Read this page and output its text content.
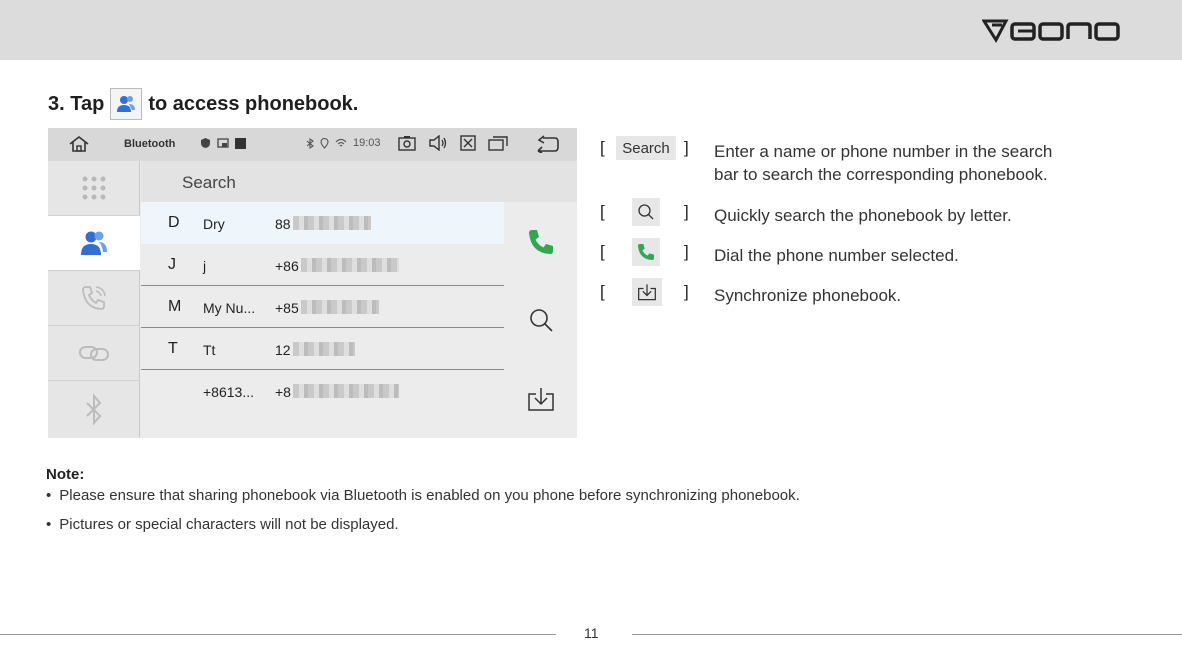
3. Tap to access phonebook.
Bluetooth	19:03
Search
D Dry	88
J j	+86
M My Nu... +85
T Tt	12
+8613... +8
[ Search ] Enter a name or phone number in the search
bar to search the corresponding phonebook.
[	] Quickly search the phonebook by letter.
[	] Dial the phone number selected.
[	] Synchronize phonebook.
Note:
• Please ensure that sharing phonebook via Bluetooth is enabled on you phone before synchronizing phonebook.
• Pictures or special characters will not be displayed.
11
